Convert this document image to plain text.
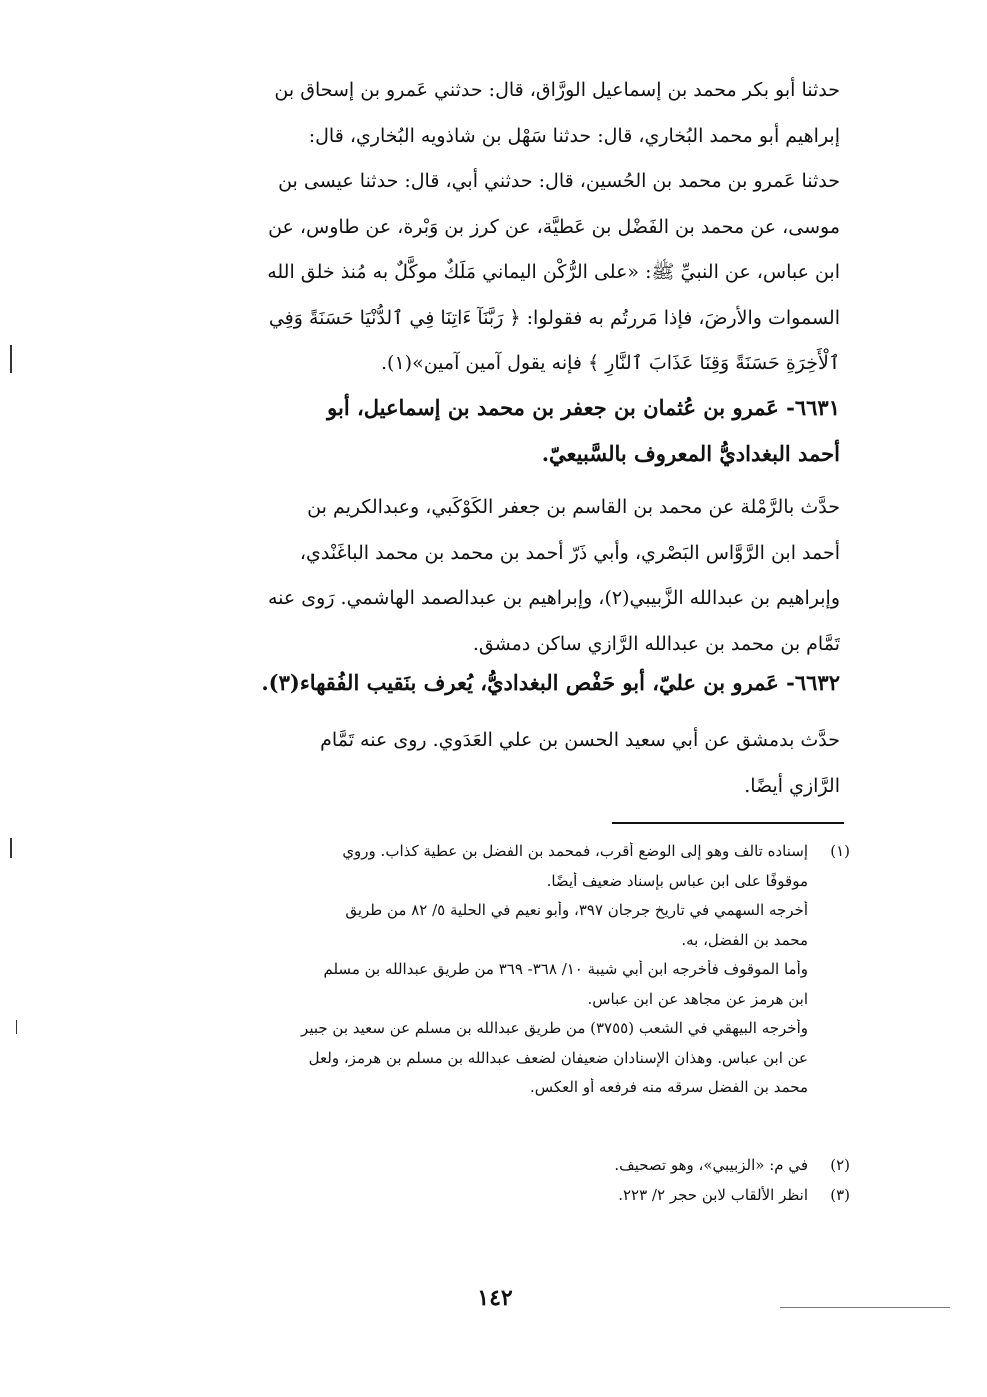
حدثنا أبو بكر محمد بن إسماعيل الورَّاق، قال: حدثني عَمرو بن إسحاق بن
إبراهيم أبو محمد البُخاري، قال: حدثنا سَهْل بن شاذويه البُخاري، قال:
حدثنا عَمرو بن محمد بن الحُسين، قال: حدثني أبي، قال: حدثنا عيسى بن
موسى، عن محمد بن الفَضْل بن عَطيَّة، عن كرز بن وَبْرة، عن طاوس، عن
ابن عباس، عن النبيِّ ﷺ: «على الرُّكْن اليماني مَلَكٌ موكَّلٌ به مُنذ خلق الله
السموات والأرضَ، فإذا مَررتُم به فقولوا: ﴿ رَبَّنَآ ءَاتِنَا فِي ٱلدُّنْيَا حَسَنَةً وَفِي
ٱلْأَخِرَةِ حَسَنَةً وَقِنَا عَذَابَ ٱلنَّارِ ﴾ فإنه يقول آمين آمين»(١).
٦٦٣١- عَمرو بن عُثمان بن جعفر بن محمد بن إسماعيل، أبو
أحمد البغداديُّ المعروف بالسَّبيعيّ.
حدَّث بالرَّمْلة عن محمد بن القاسم بن جعفر الكَوْكَبي، وعبدالكريم بن
أحمد ابن الرَّوَّاس البَصْري، وأبي ذَرّ أحمد بن محمد بن محمد الباغَنْدي،
وإبراهيم بن عبدالله الزَّبيبي(٢)، وإبراهيم بن عبدالصمد الهاشمي. رَوى عنه
تَمَّام بن محمد بن عبدالله الرَّازي ساكن دمشق.
٦٦٣٢- عَمرو بن عليّ، أبو حَفْص البغداديُّ، يُعرف بنَقيب الفُقهاء(٣).
حدَّث بدمشق عن أبي سعيد الحسن بن علي العَدَوي. روى عنه تَمَّام
الرَّازي أيضًا.
(١)
إسناده تالف وهو إلى الوضع أقرب، فمحمد بن الفضل بن عطية كذاب. وروي
موقوفًا على ابن عباس بإسناد ضعيف أيضًا.
أخرجه السهمي في تاريخ جرجان ٣٩٧، وأبو نعيم في الحلية ٥/ ٨٢ من طريق
محمد بن الفضل، به.
وأما الموقوف فأخرجه ابن أبي شيبة ١٠/ ٣٦٨- ٣٦٩ من طريق عبدالله بن مسلم
ابن هرمز عن مجاهد عن ابن عباس.
وأخرجه البيهقي في الشعب (٣٧٥٥) من طريق عبدالله بن مسلم عن سعيد بن جبير
عن ابن عباس. وهذان الإسنادان ضعيفان لضعف عبدالله بن مسلم بن هرمز، ولعل
محمد بن الفضل سرقه منه فرفعه أو العكس.
(٢)
في م: «الزبيبي»، وهو تصحيف.
(٣)
انظر الألقاب لابن حجر ٢/ ٢٢٣.
١٤٢
